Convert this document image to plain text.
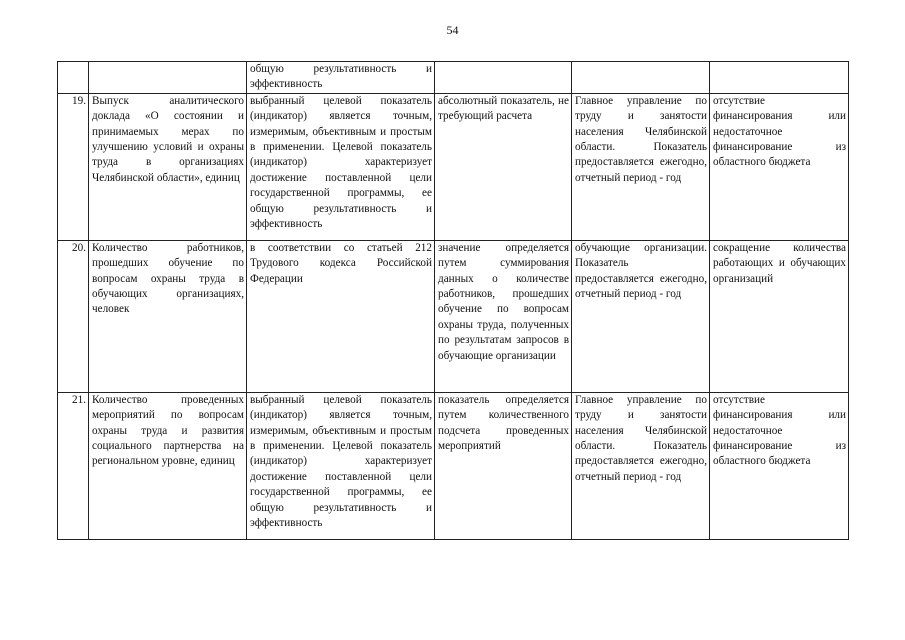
54

		общую результативность и эффективность			

19.	Выпуск аналитического доклада «О состоянии и принимаемых мерах по улучшению условий и охраны труда в организациях Челябинской области», единиц	выбранный целевой показатель (индикатор) является точным, измеримым, объективным и простым в применении. Целевой показатель (индикатор) характеризует достижение поставленной цели государственной программы, ее общую результативность и эффективность	абсолютный показатель, не требующий расчета	Главное управление по труду и занятости населения Челябинской области. Показатель предоставляется ежегодно, отчетный период - год	отсутствие финансирования или недостаточное финансирование из областного бюджета

20.	Количество работников, прошедших обучение по вопросам охраны труда в обучающих организациях, человек	в соответствии со статьей 212 Трудового кодекса Российской Федерации	значение определяется путем суммирования данных о количестве работников, прошедших обучение по вопросам охраны труда, полученных по результатам запросов в обучающие организации	обучающие организации. Показатель предоставляется ежегодно, отчетный период - год	сокращение количества работающих и обучающих организаций

21.	Количество проведенных мероприятий по вопросам охраны труда и развития социального партнерства на региональном уровне, единиц	выбранный целевой показатель (индикатор) является точным, измеримым, объективным и простым в применении. Целевой показатель (индикатор) характеризует достижение поставленной цели государственной программы, ее общую результативность и эффективность	показатель определяется путем количественного подсчета проведенных мероприятий	Главное управление по труду и занятости населения Челябинской области. Показатель предоставляется ежегодно, отчетный период - год	отсутствие финансирования или недостаточное финансирование из областного бюджета
